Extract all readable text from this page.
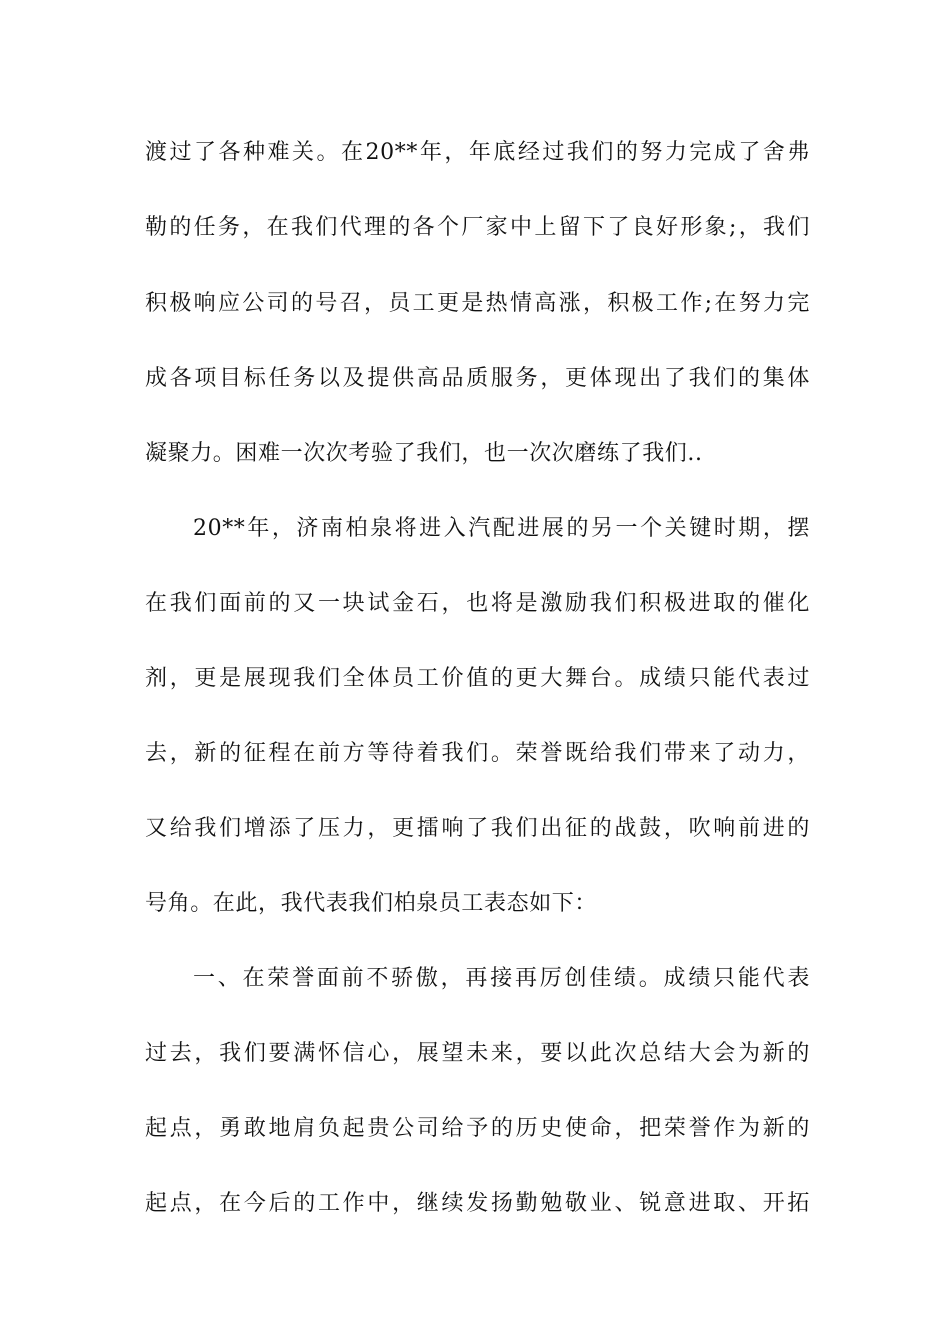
渡过了各种难关。在20**年，年底经过我们的努力完成了舍弗
勒的任务，在我们代理的各个厂家中上留下了良好形象;，我们
积极响应公司的号召，员工更是热情高涨，积极工作;在努力完
成各项目标任务以及提供高品质服务，更体现出了我们的集体
凝聚力。困难一次次考验了我们，也一次次磨练了我们..
20**年，济南柏泉将进入汽配进展的另一个关键时期，摆
在我们面前的又一块试金石，也将是激励我们积极进取的催化
剂，更是展现我们全体员工价值的更大舞台。成绩只能代表过
去，新的征程在前方等待着我们。荣誉既给我们带来了动力，
又给我们增添了压力，更擂响了我们出征的战鼓，吹响前进的
号角。在此，我代表我们柏泉员工表态如下：
一、在荣誉面前不骄傲，再接再厉创佳绩。成绩只能代表
过去，我们要满怀信心，展望未来，要以此次总结大会为新的
起点，勇敢地肩负起贵公司给予的历史使命，把荣誉作为新的
起点，在今后的工作中，继续发扬勤勉敬业、锐意进取、开拓
